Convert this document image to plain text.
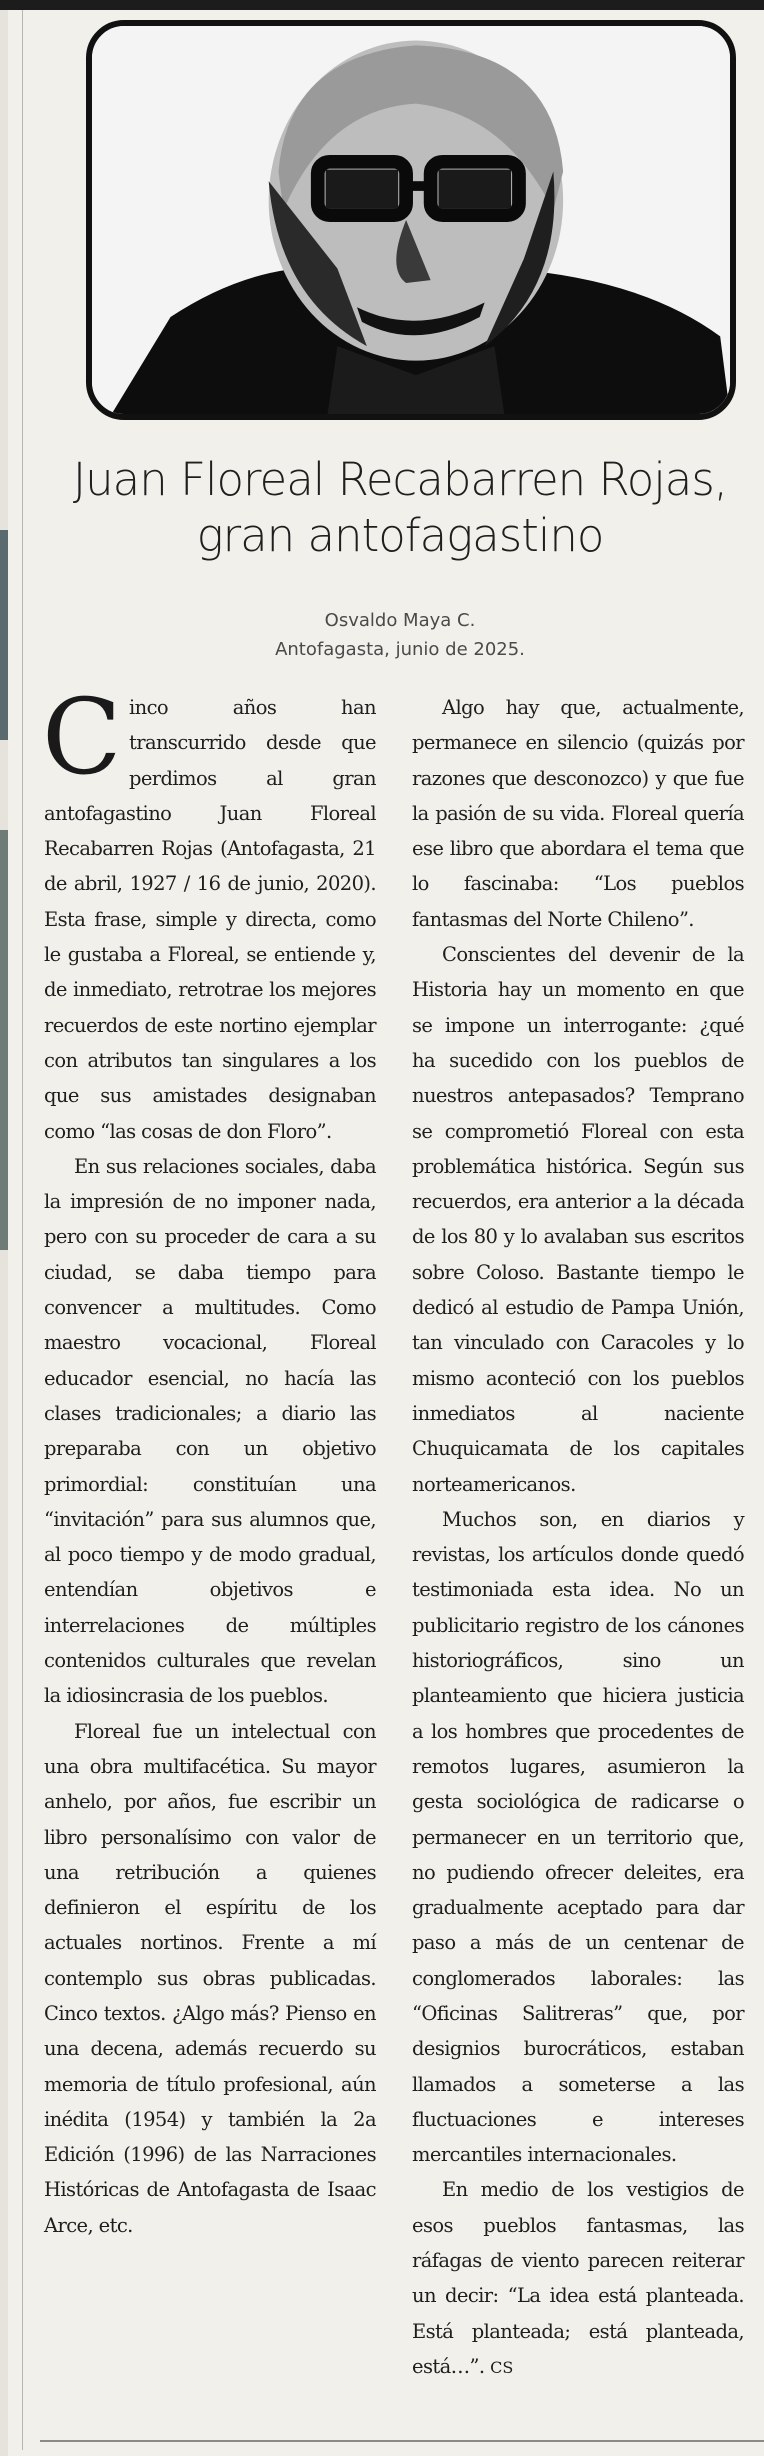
Juan Floreal Recabarren Rojas, gran antofagastino
Osvaldo Maya C.
Antofagasta, junio de 2025.

Cinco años han transcurrido desde que perdimos al gran antofagastino Juan Floreal Recabarren Rojas (Antofagasta, 21 de abril, 1927 / 16 de junio, 2020). Esta frase, simple y directa, como le gustaba a Floreal, se entiende y, de inmediato, retrotrae los mejores recuerdos de este nortino ejemplar con atributos tan singulares a los que sus amistades designaban como “las cosas de don Floro”.

En sus relaciones sociales, daba la impresión de no imponer nada, pero con su proceder de cara a su ciudad, se daba tiempo para convencer a multitudes. Como maestro vocacional, Floreal educador esencial, no hacía las clases tradicionales; a diario las preparaba con un objetivo primordial: constituían una “invitación” para sus alumnos que, al poco tiempo y de modo gradual, entendían objetivos e interrelaciones de múltiples contenidos culturales que revelan la idiosincrasia de los pueblos.

Floreal fue un intelectual con una obra multifacética. Su mayor anhelo, por años, fue escribir un libro personalísimo con valor de una retribución a quienes definieron el espíritu de los actuales nortinos. Frente a mí contemplo sus obras publicadas. Cinco textos. ¿Algo más? Pienso en una decena, además recuerdo su memoria de título profesional, aún inédita (1954) y también la 2a Edición (1996) de las Narraciones Históricas de Antofagasta de Isaac Arce, etc.

Algo hay que, actualmente, permanece en silencio (quizás por razones que desconozco) y que fue la pasión de su vida. Floreal quería ese libro que abordara el tema que lo fascinaba: “Los pueblos fantasmas del Norte Chileno”.

Conscientes del devenir de la Historia hay un momento en que se impone un interrogante: ¿qué ha sucedido con los pueblos de nuestros antepasados? Temprano se comprometió Floreal con esta problemática histórica. Según sus recuerdos, era anterior a la década de los 80 y lo avalaban sus escritos sobre Coloso. Bastante tiempo le dedicó al estudio de Pampa Unión, tan vinculado con Caracoles y lo mismo aconteció con los pueblos inmediatos al naciente Chuquicamata de los capitales norteamericanos.

Muchos son, en diarios y revistas, los artículos donde quedó testimoniada esta idea. No un publicitario registro de los cánones historiográficos, sino un planteamiento que hiciera justicia a los hombres que procedentes de remotos lugares, asumieron la gesta sociológica de radicarse o permanecer en un territorio que, no pudiendo ofrecer deleites, era gradualmente aceptado para dar paso a más de un centenar de conglomerados laborales: las “Oficinas Salitreras” que, por designios burocráticos, estaban llamados a someterse a las fluctuaciones e intereses mercantiles internacionales.

En medio de los vestigios de esos pueblos fantasmas, las ráfagas de viento parecen reiterar un decir: “La idea está planteada. Está planteada; está planteada, está…”. CS
